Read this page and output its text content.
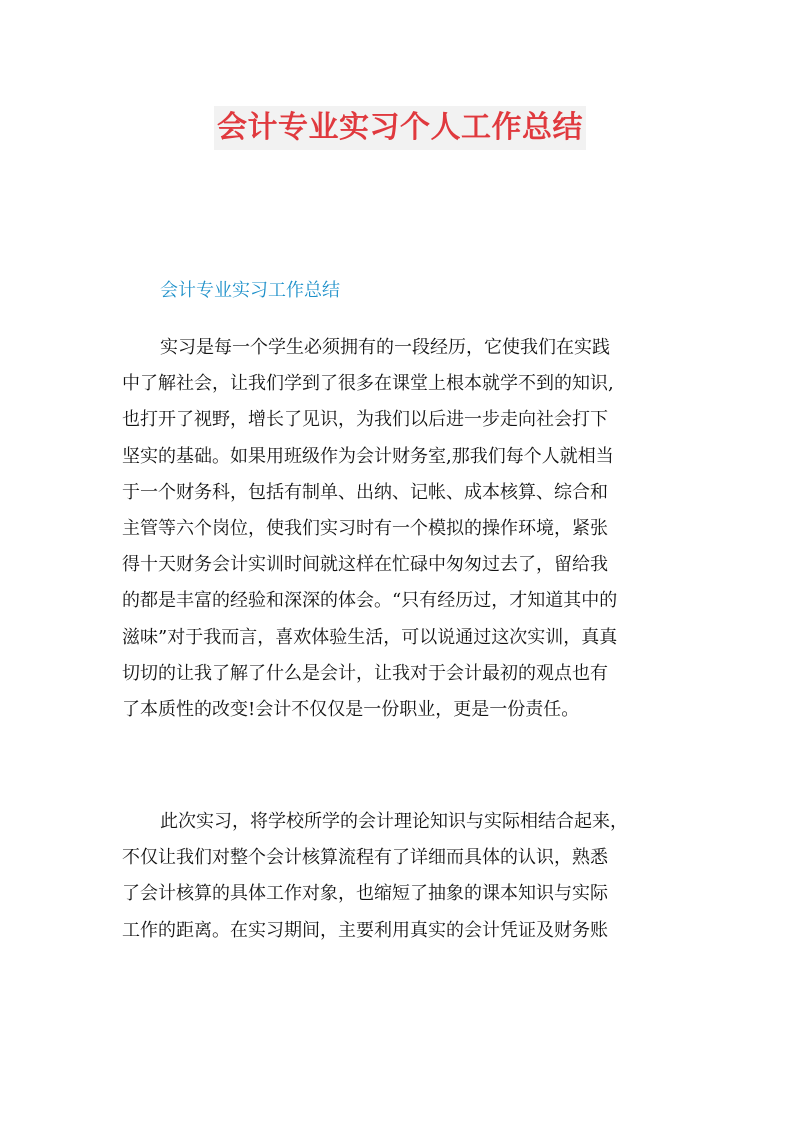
会计专业实习个人工作总结
会计专业实习工作总结

实习是每一个学生必须拥有的一段经历，它使我们在实践
中了解社会，让我们学到了很多在课堂上根本就学不到的知识,
也打开了视野，增长了见识，为我们以后进一步走向社会打下
坚实的基础。如果用班级作为会计财务室,那我们每个人就相当
于一个财务科，包括有制单、出纳、记帐、成本核算、综合和
主管等六个岗位，使我们实习时有一个模拟的操作环境，紧张
得十天财务会计实训时间就这样在忙碌中匆匆过去了，留给我
的都是丰富的经验和深深的体会。“只有经历过，才知道其中的
滋味”对于我而言，喜欢体验生活，可以说通过这次实训，真真
切切的让我了解了什么是会计，让我对于会计最初的观点也有
了本质性的改变!会计不仅仅是一份职业，更是一份责任。

此次实习，将学校所学的会计理论知识与实际相结合起来，
不仅让我们对整个会计核算流程有了详细而具体的认识，熟悉
了会计核算的具体工作对象，也缩短了抽象的课本知识与实际
工作的距离。在实习期间，主要利用真实的会计凭证及财务账
